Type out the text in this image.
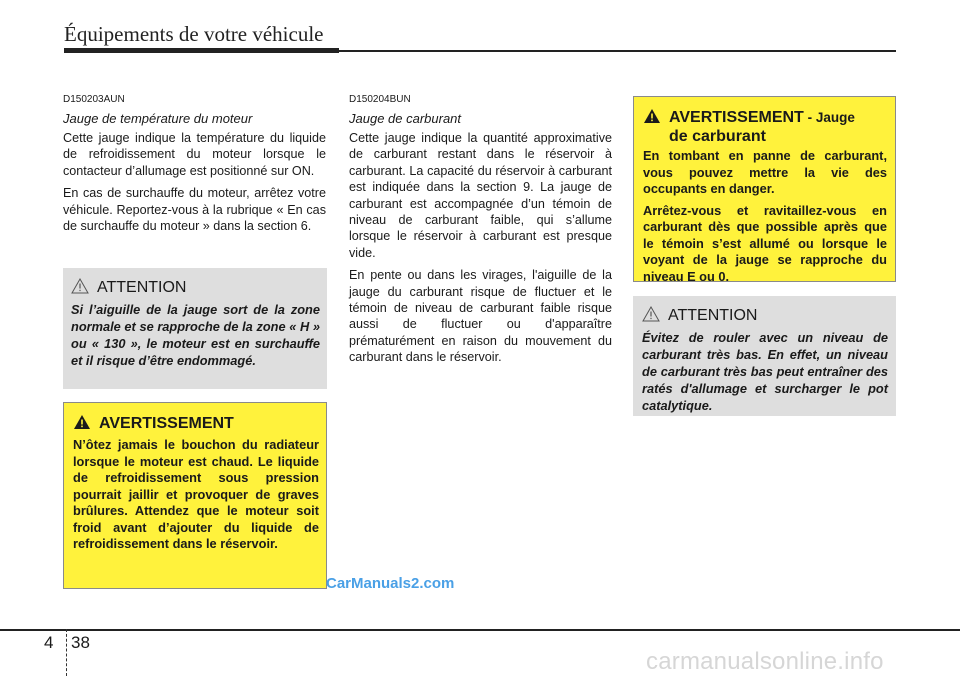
Équipements de votre véhicule
D150203AUN
Jauge de température du moteur

Cette jauge indique la température du liquide de refroidissement du moteur lorsque le contacteur d’allumage est positionné sur ON.

En cas de surchauffe du moteur, arrêtez votre véhicule. Reportez-vous à la rubrique « En cas de surchauffe du moteur » dans la section 6.

ATTENTION
Si l’aiguille de la jauge sort de la zone normale et se rapproche de la zone « H » ou « 130 », le moteur est en surchauffe et il risque d’être endommagé.
AVERTISSEMENT
N’ôtez jamais le bouchon du radiateur lorsque le moteur est chaud. Le liquide de refroidissement sous pression pourrait jaillir et provoquer de graves brûlures. Attendez que le moteur soit froid avant d’ajouter du liquide de refroidissement dans le réservoir.
D150204BUN
Jauge de carburant

Cette jauge indique la quantité approximative de carburant restant dans le réservoir à carburant. La capacité du réservoir à carburant est indiquée dans la section 9. La jauge de carburant est accompagnée d’un témoin de niveau de carburant faible, qui s’allume lorsque le réservoir à carburant est presque vide.

En pente ou dans les virages, l'aiguille de la jauge du carburant risque de fluctuer et le témoin de niveau de carburant faible risque aussi de fluctuer ou d'apparaître prématurément en raison du mouvement du carburant dans le réservoir.

AVERTISSEMENT - Jauge
de carburant

En tombant en panne de carburant, vous pouvez mettre la vie des occupants en danger.

Arrêtez-vous et ravitaillez-vous en carburant dès que possible après que le témoin s’est allumé ou lorsque le voyant de la jauge se rapproche du niveau E ou 0.

ATTENTION
Évitez de rouler avec un niveau de carburant très bas. En effet, un niveau de carburant très bas peut entraîner des ratés d'allumage et surcharger le pot catalytique.
CarManuals2.com
carmanualsonline.info
4 38
